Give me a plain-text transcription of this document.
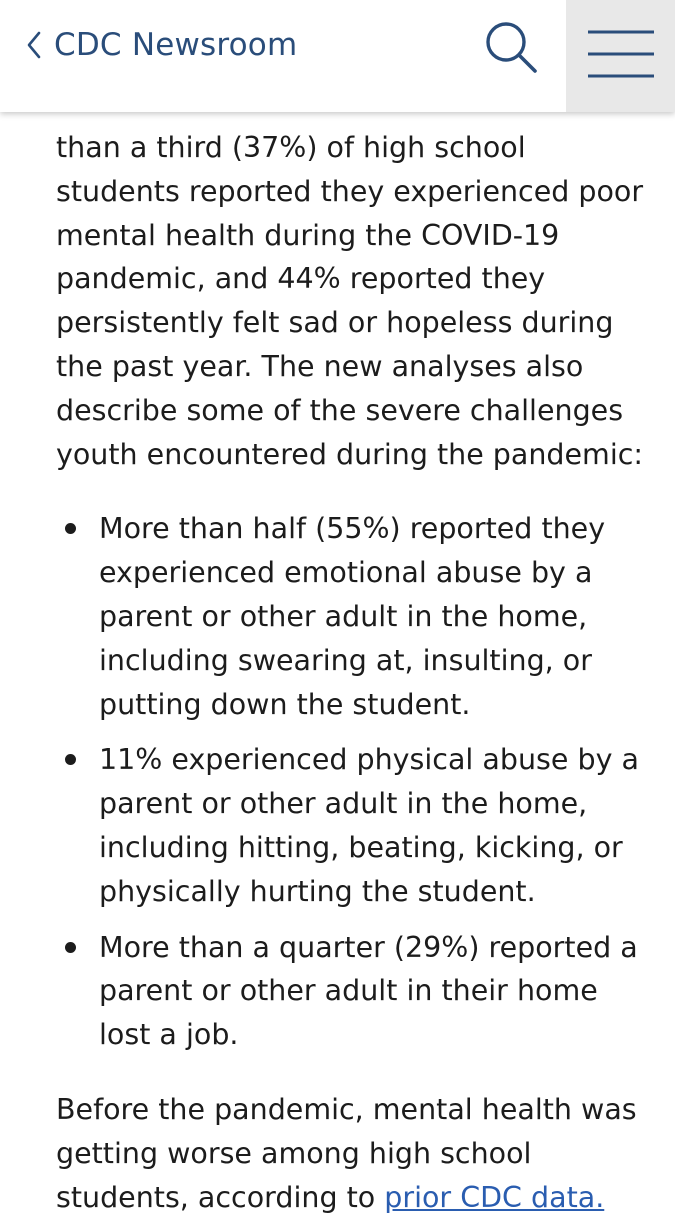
than a third (37%) of high school students reported they experienced poor mental health during the COVID-19 pandemic, and 44% reported they persistently felt sad or hopeless during the past year. The new analyses also describe some of the severe challenges youth encountered during the pandemic:

More than half (55%) reported they experienced emotional abuse by a parent or other adult in the home, including swearing at, insulting, or putting down the student.
11% experienced physical abuse by a parent or other adult in the home, including hitting, beating, kicking, or physically hurting the student.
More than a quarter (29%) reported a parent or other adult in their home lost a job.

Before the pandemic, mental health was getting worse among high school students, according to prior CDC data.

CDC Newsroom
